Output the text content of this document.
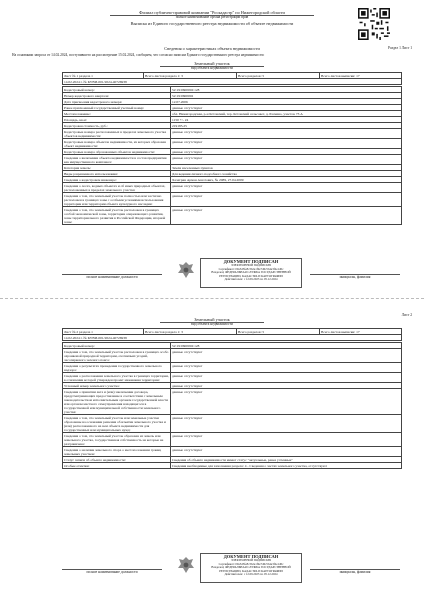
Филиал публично-правовой компании "Роскадастр" по Нижегородской области
полное наименование органа регистрации прав
Выписка из Единого государственного реестра недвижимости об объекте недвижимости
Раздел 1 Лист 1
Сведения о характеристиках объекта недвижимости
На основании запроса от 14.02.2024, поступившего на рассмотрение 15.02.2024, сообщаем, что согласно записям Единого государственного реестра недвижимости:
Земельный участок
вид объекта недвижимости
Лист № 1 раздела 1	Всего листов раздела 1: 3	Всего разделов: 5	Всего листов выписки: 17
14.02.2024 г. № КУВИ-001/2024-40726938
Кадастровый номер:	52:19:0600002:128
Номер кадастрового квартала:	52:19:0600002
Дата присвоения кадастрового номера:	12.07.2006
Ранее присвоенный государственный учетный номер:	данные отсутствуют
Местоположение:	обл. Нижегородская, р-н Кстовский, тер. Кстовский сельсовет, д. Раскино, участок 73 А
Площадь, кв.м:	1150 +/- 24
Кадастровая стоимость, руб.:	219185.25
Кадастровые номера расположенных в пределах земельного участка объектов недвижимости:	данные отсутствуют
Кадастровые номера объектов недвижимости, из которых образован объект недвижимости:	данные отсутствуют
Кадастровые номера образованных объектов недвижимости:	данные отсутствуют
Сведения о включении объекта недвижимости в состав предприятия как имущественного комплекса:	данные отсутствуют
Категория земель:	Земли населенных пунктов
Виды разрешенного использования:	Для ведения личного подсобного хозяйства
Сведения о кадастровом инженере:	Хачатрян Арман Ашотович, № 2089, 27.04.2009
Сведения о лесах, водных объектах и об иных природных объектах, расположенных в пределах земельного участка:	данные отсутствуют
Сведения о том, что земельный участок полностью или частично расположен в границах зоны с особыми условиями использования территории или территории объекта культурного наследия:	данные отсутствуют
Сведения о том, что земельный участок расположен в границах особой экономической зоны, территории опережающего развития, зоны территориального развития в Российской Федерации, игорной зоны:	данные отсутствуют
полное наименование должности
ДОКУМЕНТ ПОДПИСАН
ЭЛЕКТРОННОЙ ПОДПИСЬЮ
Сертификат: 00a3d5fe8c3b2a1f9e7d6c5b4a3f2e1d0c
Владелец: ФЕДЕРАЛЬНАЯ СЛУЖБА ГОСУДАРСТВЕННОЙ РЕГИСТРАЦИИ, КАДАСТРА И КАРТОГРАФИИ
Действителен: с 12.09.2023 по 05.12.2024
инициалы, фамилия
Лист 2
Земельный участок
вид объекта недвижимости
Лист № 2 раздела 1	Всего листов раздела 1: 3	Всего разделов: 5	Всего листов выписки: 17
14.02.2024 г. № КУВИ-001/2024-40726938
Кадастровый номер:	52:19:0600002:128
Сведения о том, что земельный участок расположен в границах особо охраняемой природной территории, охотничьих угодий, лесопаркового зеленого пояса:	данные отсутствуют
Сведения о результатах проведения государственного земельного надзора:	данные отсутствуют
Сведения о расположении земельного участка в границах территории, в отношении которой утвержден проект межевания территории:	данные отсутствуют
Условный номер земельного участка:	данные отсутствуют
Сведения о принятии акта и (или) заключении договора, предусматривающих предоставление в соответствии с земельным законодательством исполнительным органом государственной власти или органом местного самоуправления находящегося в государственной или муниципальной собственности земельного участка:	данные отсутствуют
Сведения о том, что земельный участок или земельные участки образованы на основании решения об изъятии земельного участка и (или) расположенного на нем объекта недвижимости для государственных или муниципальных нужд:	данные отсутствуют
Сведения о том, что земельный участок образован из земель или земельного участка, государственная собственность на которые не разграничена:	данные отсутствуют
Сведения о наличии земельного спора о местоположении границ земельных участков:	данные отсутствуют
Статус записи об объекте недвижимости:	Сведения об объекте недвижимости имеют статус "актуальные, ранее учтенные"
Особые отметки:	Сведения необходимые для заполнения раздела: 4 - Сведения о частях земельного участка, отсутствуют
полное наименование должности
ДОКУМЕНТ ПОДПИСАН
ЭЛЕКТРОННОЙ ПОДПИСЬЮ
Сертификат: 00a3d5fe8c3b2a1f9e7d6c5b4a3f2e1d0c
Владелец: ФЕДЕРАЛЬНАЯ СЛУЖБА ГОСУДАРСТВЕННОЙ РЕГИСТРАЦИИ, КАДАСТРА И КАРТОГРАФИИ
Действителен: с 12.09.2023 по 05.12.2024
инициалы, фамилия
